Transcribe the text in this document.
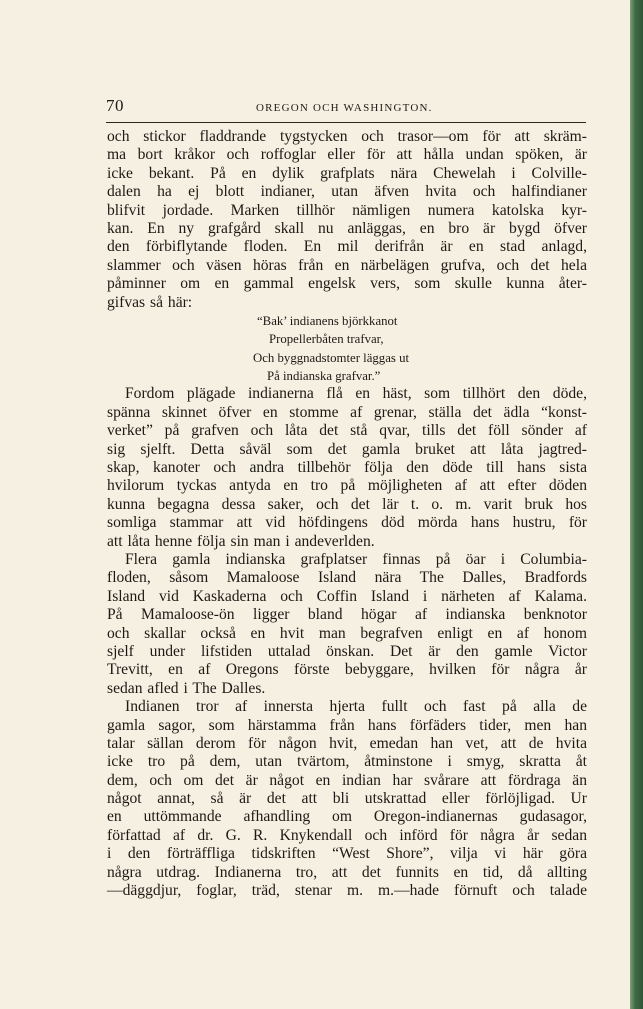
70	OREGON OCH WASHINGTON.
och stickor fladdrande tygstycken och trasor—om för att skräm-
ma bort kråkor och roffoglar eller för att hålla undan spöken, är
icke bekant. På en dylik grafplats nära Chewelah i Colville-
dalen ha ej blott indianer, utan äfven hvita och halfindianer
blifvit jordade. Marken tillhör nämligen numera katolska kyr-
kan. En ny grafgård skall nu anläggas, en bro är bygd öfver
den förbiflytande floden. En mil derifrån är en stad anlagd,
slammer och väsen höras från en närbelägen grufva, och det hela
påminner om en gammal engelsk vers, som skulle kunna åter-
gifvas så här:
“Bak’ indianens björkkanot
Propellerbåten trafvar,
Och byggnadstomter läggas ut
På indianska grafvar.”
Fordom plägade indianerna flå en häst, som tillhört den döde,
spänna skinnet öfver en stomme af grenar, ställa det ädla “konst-
verket” på grafven och låta det stå qvar, tills det föll sönder af
sig sjelft. Detta såväl som det gamla bruket att låta jagtred-
skap, kanoter och andra tillbehör följa den döde till hans sista
hvilorum tyckas antyda en tro på möjligheten af att efter döden
kunna begagna dessa saker, och det lär t. o. m. varit bruk hos
somliga stammar att vid höfdingens död mörda hans hustru, för
att låta henne följa sin man i andeverlden.
Flera gamla indianska grafplatser finnas på öar i Columbia-
floden, såsom Mamaloose Island nära The Dalles, Bradfords
Island vid Kaskaderna och Coffin Island i närheten af Kalama.
På Mamaloose-ön ligger bland högar af indianska benknotor
och skallar också en hvit man begrafven enligt en af honom
sjelf under lifstiden uttalad önskan. Det är den gamle Victor
Trevitt, en af Oregons förste bebyggare, hvilken för några år
sedan afled i The Dalles.
Indianen tror af innersta hjerta fullt och fast på alla de
gamla sagor, som härstamma från hans förfäders tider, men han
talar sällan derom för någon hvit, emedan han vet, att de hvita
icke tro på dem, utan tvärtom, åtminstone i smyg, skratta åt
dem, och om det är något en indian har svårare att fördraga än
något annat, så är det att bli utskrattad eller förlöjligad. Ur
en uttömmande afhandling om Oregon-indianernas gudasagor,
författad af dr. G. R. Knykendall och införd för några år sedan
i den förträffliga tidskriften “West Shore”, vilja vi här göra
några utdrag. Indianerna tro, att det funnits en tid, då allting
—däggdjur, foglar, träd, stenar m. m.—hade förnuft och talade
